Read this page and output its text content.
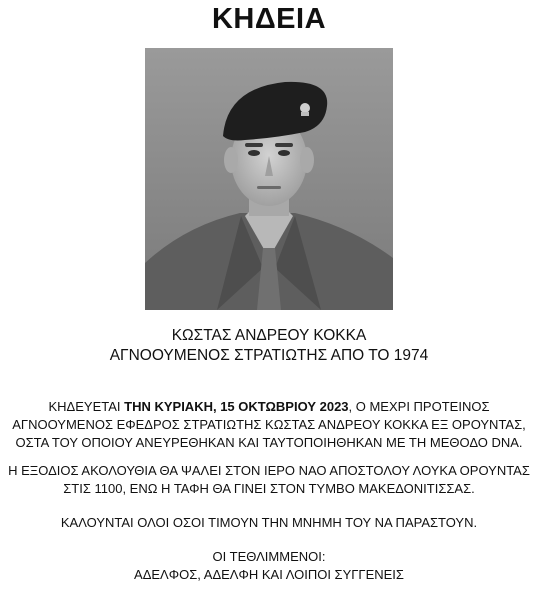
ΚΗΔΕΙΑ
ΚΩΣΤΑΣ ΑΝΔΡΕΟΥ ΚΟΚΚΑ
ΑΓΝΟΟΥΜΕΝΟΣ ΣΤΡΑΤΙΩΤΗΣ ΑΠΟ ΤΟ 1974
ΚΗΔΕΥΕΤΑΙ ΤΗΝ ΚΥΡΙΑΚΗ, 15 ΟΚΤΩΒΡΙΟΥ 2023, Ο ΜΕΧΡΙ ΠΡΟΤΕΙΝΟΣ
ΑΓΝΟΟΥΜΕΝΟΣ ΕΦΕΔΡΟΣ ΣΤΡΑΤΙΩΤΗΣ ΚΩΣΤΑΣ ΑΝΔΡΕΟΥ ΚΟΚΚΑ ΕΞ ΟΡΟΥΝΤΑΣ,
ΟΣΤΑ ΤΟΥ ΟΠΟΙΟΥ ΑΝΕΥΡΕΘΗΚΑΝ ΚΑΙ ΤΑΥΤΟΠΟΙΗΘΗΚΑΝ ΜΕ ΤΗ ΜΕΘΟΔΟ DNA.
Η ΕΞΟΔΙΟΣ ΑΚΟΛΟΥΘΙΑ ΘΑ ΨΑΛΕΙ ΣΤΟΝ ΙΕΡΟ ΝΑΟ ΑΠΟΣΤΟΛΟΥ ΛΟΥΚΑ ΟΡΟΥΝΤΑΣ
ΣΤΙΣ 1100, ΕΝΩ Η ΤΑΦΗ ΘΑ ΓΙΝΕΙ ΣΤΟΝ ΤΥΜΒΟ ΜΑΚΕΔΟΝΙΤΙΣΣΑΣ.
ΚΑΛΟΥΝΤΑΙ ΟΛΟΙ ΟΣΟΙ ΤΙΜΟΥΝ ΤΗΝ ΜΝΗΜΗ ΤΟΥ ΝΑ ΠΑΡΑΣΤΟΥΝ.
ΟΙ ΤΕΘΛΙΜΜΕΝΟΙ:
ΑΔΕΛΦΟΣ, ΑΔΕΛΦΗ ΚΑΙ ΛΟΙΠΟΙ ΣΥΓΓΕΝΕΙΣ
